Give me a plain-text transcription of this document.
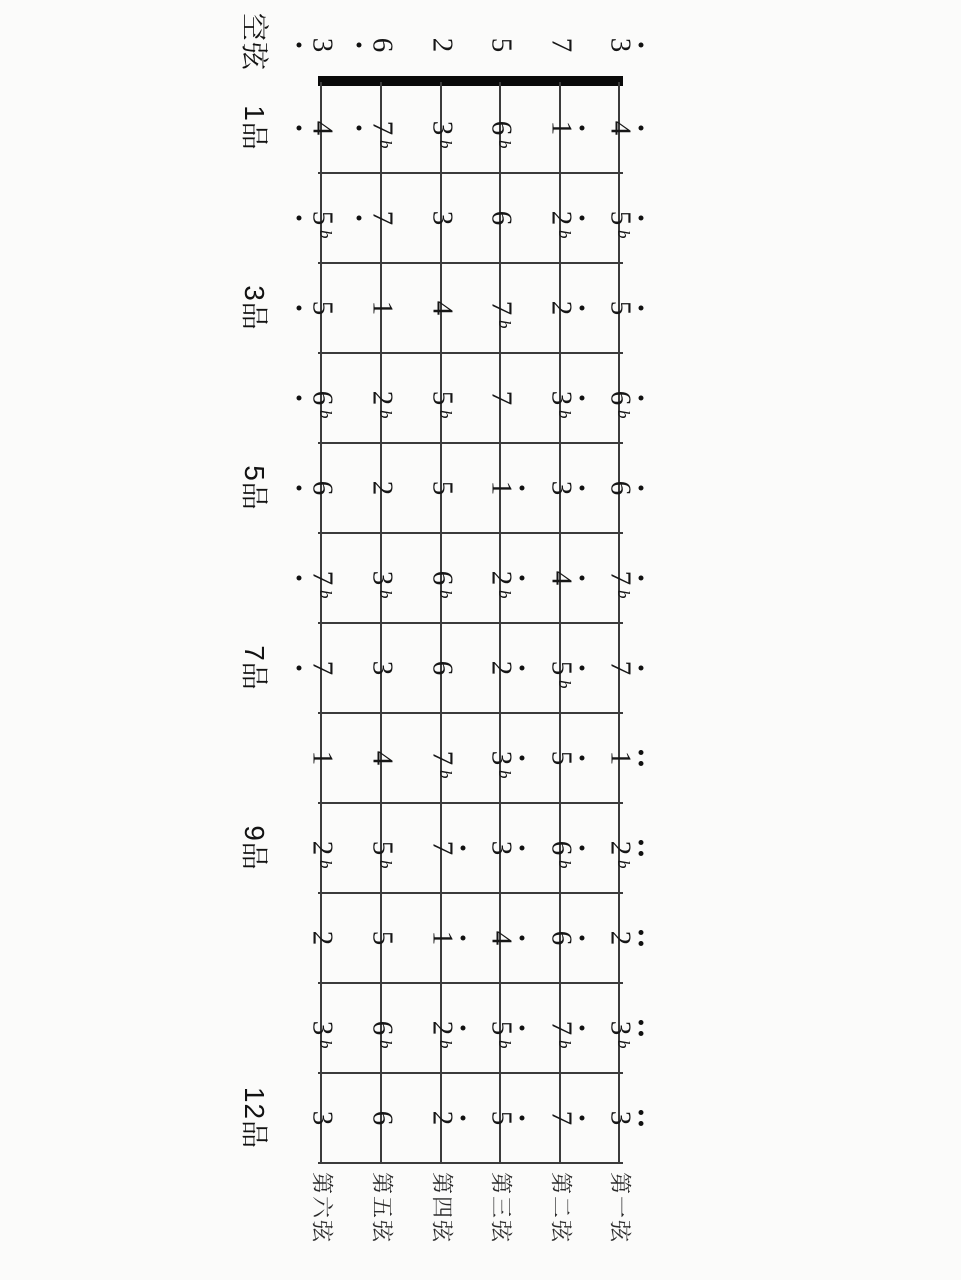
3 6 2 5 7 3
4 7
b
3
b
6
b
1 4
5
b
7 3 6 2
b
5
b
5 1 4 7
b
2 5
6
b
2
b
5
b
7 3
b
6
b
6 2 5 1 3 6
7
b
3
b
6
b
2
b
4 7
b
7 3 6 2 5
b
7
1 4 7
b
3
b
5 1
2
b
5
b
7 3 6
b
2
b
2 5 1 4 6 2
3
b
6
b
2
b
5
b
7
b
3
b
3 6 2 5 7 3
空弦
1品
3品
5品
7品
9品
12品
第六弦 第五弦 第四弦 第三弦 第二弦 第一弦
